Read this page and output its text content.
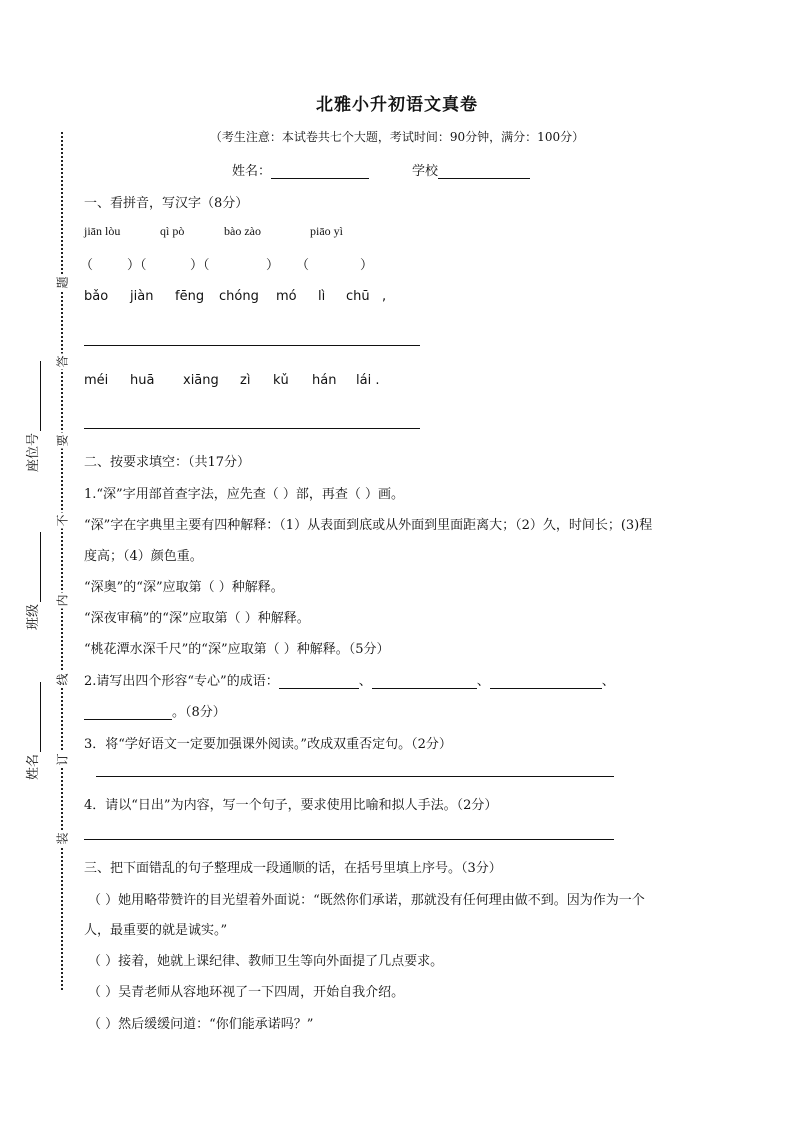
北雅小升初语文真卷
（考生注意：本试卷共七个大题，考试时间：90分钟，满分：100分）
姓名：	学校
题
答
要
不
内
线
订
装
座位号
班级
姓名
一、看拼音，写汉字（8分）
jiān lòu	qì pò	bào zào	piāo yì
（	）（	）（	） （	）
bǎo jiàn fēng chóng mó lì chū ,
méi huā xiāng zì kǔ hán lái .
二、按要求填空：（共17分）
1.“深”字用部首查字法，应先查（ ）部，再查（ ）画。
“深”字在字典里主要有四种解释：（1）从表面到底或从外面到里面距离大；（2）久，时间长；(3)程
度高；（4）颜色重。
“深奥”的“深”应取第（ ）种解释。
“深夜审稿”的“深”应取第（ ）种解释。
“桃花潭水深千尺”的“深”应取第（ ）种解释。（5分）
2.请写出四个形容“专心”的成语：	、	、	、
。（8分）
3．将“学好语文一定要加强课外阅读。”改成双重否定句。（2分）
4．请以“日出”为内容，写一个句子，要求使用比喻和拟人手法。（2分）
三、把下面错乱的句子整理成一段通顺的话，在括号里填上序号。（3分）
（ ）她用略带赞许的目光望着外面说：“既然你们承诺，那就没有任何理由做不到。因为作为一个
人，最重要的就是诚实。”
（ ）接着，她就上课纪律、教师卫生等向外面提了几点要求。
（ ）吴青老师从容地环视了一下四周，开始自我介绍。
（ ）然后缓缓问道：“你们能承诺吗？”
